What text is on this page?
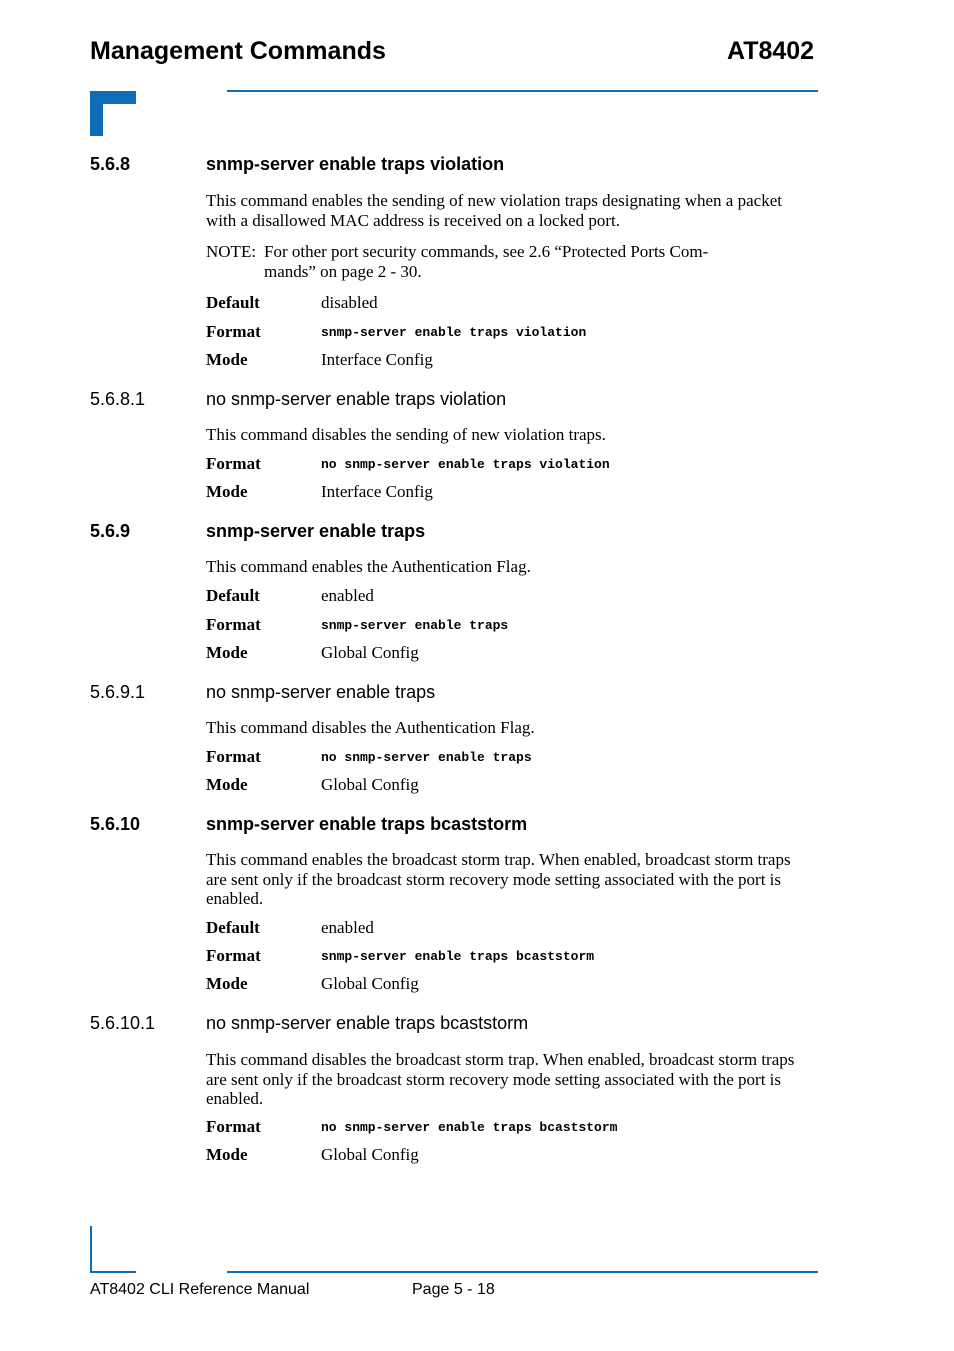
Management Commands	AT8402
5.6.8	snmp-server enable traps violation
This command enables the sending of new violation traps designating when a packet
with a disallowed MAC address is received on a locked port.
NOTE: For other port security commands, see 2.6 “Protected Ports Com-
mands” on page 2 - 30.
Default	disabled
Format	snmp-server enable traps violation
Mode	Interface Config
5.6.8.1	no snmp-server enable traps violation
This command disables the sending of new violation traps.
Format	no snmp-server enable traps violation
Mode	Interface Config
5.6.9	snmp-server enable traps
This command enables the Authentication Flag.
Default	enabled
Format	snmp-server enable traps
Mode	Global Config
5.6.9.1	no snmp-server enable traps
This command disables the Authentication Flag.
Format	no snmp-server enable traps
Mode	Global Config
5.6.10	snmp-server enable traps bcaststorm
This command enables the broadcast storm trap. When enabled, broadcast storm traps
are sent only if the broadcast storm recovery mode setting associated with the port is
enabled.
Default	enabled
Format	snmp-server enable traps bcaststorm
Mode	Global Config
5.6.10.1	no snmp-server enable traps bcaststorm
This command disables the broadcast storm trap. When enabled, broadcast storm traps
are sent only if the broadcast storm recovery mode setting associated with the port is
enabled.
Format	no snmp-server enable traps bcaststorm
Mode	Global Config
AT8402 CLI Reference Manual	Page 5 - 18
